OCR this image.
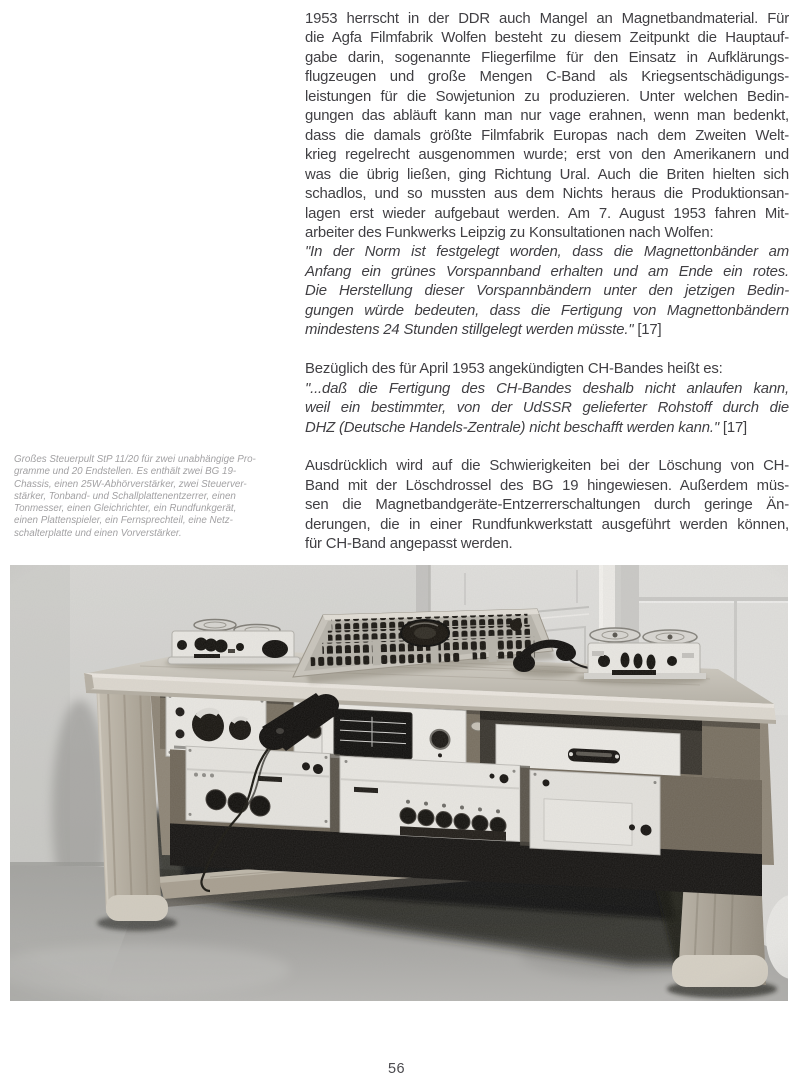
1953 herrscht in der DDR auch Mangel an Magnetbandmaterial. Für
die Agfa Filmfabrik Wolfen besteht zu diesem Zeitpunkt die Hauptauf-
gabe darin, sogenannte Fliegerfilme für den Einsatz in Aufklärungs-
flugzeugen und große Mengen C-Band als Kriegsentschädigungs-
leistungen für die Sowjetunion zu produzieren. Unter welchen Bedin-
gungen das abläuft kann man nur vage erahnen, wenn man bedenkt,
dass die damals größte Filmfabrik Europas nach dem Zweiten Welt-
krieg regelrecht ausgenommen wurde; erst von den Amerikanern und
was die übrig ließen, ging Richtung Ural. Auch die Briten hielten sich
schadlos, und so mussten aus dem Nichts heraus die Produktionsan-
lagen erst wieder aufgebaut werden. Am 7. August 1953 fahren Mit-
arbeiter des Funkwerks Leipzig zu Konsultationen nach Wolfen:
"In der Norm ist festgelegt worden, dass die Magnettonbänder am
Anfang ein grünes Vorspannband erhalten und am Ende ein rotes.
Die Herstellung dieser Vorspannbändern unter den jetzigen Bedin-
gungen würde bedeuten, dass die Fertigung von Magnettonbändern
mindestens 24 Stunden stillgelegt werden müsste." [17]

Bezüglich des für April 1953 angekündigten CH-Bandes heißt es:
"...daß die Fertigung des CH-Bandes deshalb nicht anlaufen kann,
weil ein bestimmter, von der UdSSR gelieferter Rohstoff durch die
DHZ (Deutsche Handels-Zentrale) nicht beschafft werden kann." [17]

Ausdrücklich wird auf die Schwierigkeiten bei der Löschung von CH-
Band mit der Löschdrossel des BG 19 hingewiesen. Außerdem müs-
sen die Magnetbandgeräte-Entzerrerschaltungen durch geringe Än-
derungen, die in einer Rundfunkwerkstatt ausgeführt werden können,
für CH-Band angepasst werden.
Großes Steuerpult StP 11/20 für zwei unabhängige Pro-
gramme und 20 Endstellen. Es enthält zwei BG 19-
Chassis, einen 25W-Abhörverstärker, zwei Steuerver-
stärker, Tonband- und Schallplattenentzerrer, einen
Tonmesser, einen Gleichrichter, ein Rundfunkgerät,
einen Plattenspieler, ein Fernsprechteil, eine Netz-
schalterplatte und einen Vorverstärker.
56
